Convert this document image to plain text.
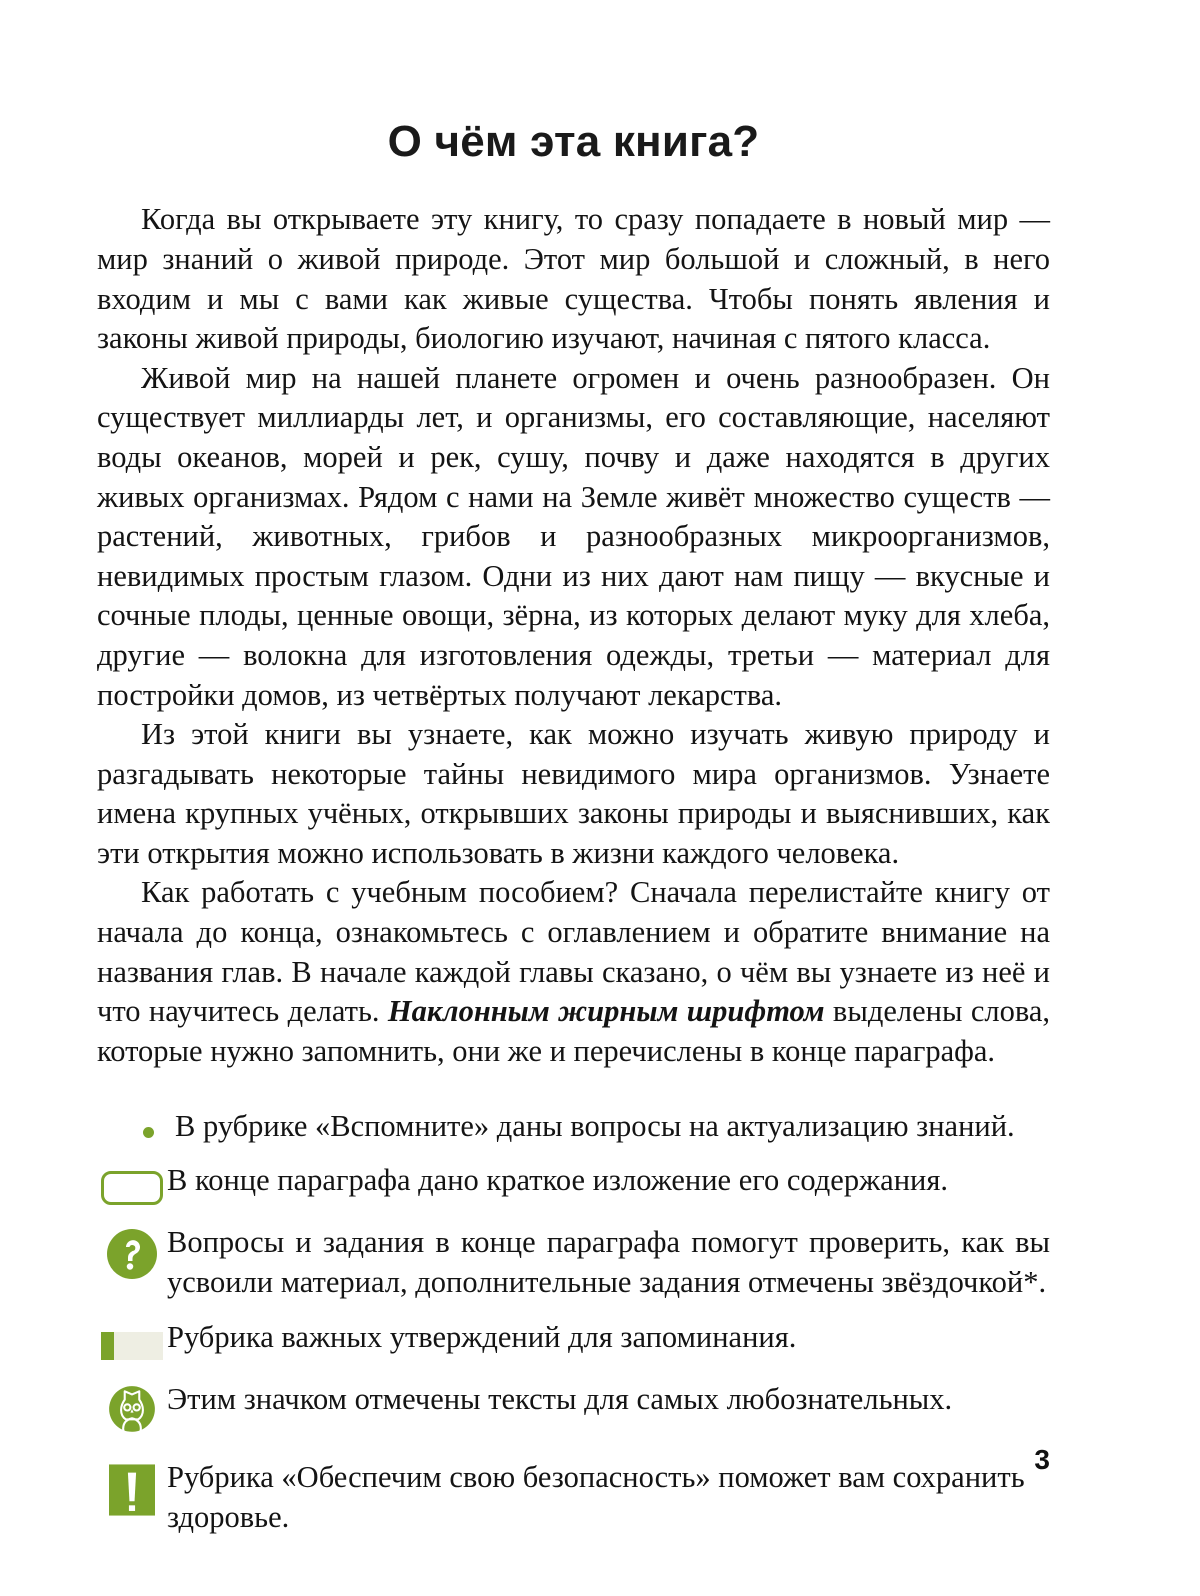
О чём эта книга?

Когда вы открываете эту книгу, то сразу попадаете в новый мир — мир знаний о живой природе. Этот мир большой и сложный, в него входим и мы с вами как живые существа. Чтобы понять явления и законы живой природы, биологию изучают, начиная с пятого класса.

Живой мир на нашей планете огромен и очень разнообразен. Он существует миллиарды лет, и организмы, его составляющие, населяют воды океанов, морей и рек, сушу, почву и даже находятся в других живых организмах. Рядом с нами на Земле живёт множество существ — растений, животных, грибов и разнообразных микроорганизмов, невидимых простым глазом. Одни из них дают нам пищу — вкусные и сочные плоды, ценные овощи, зёрна, из которых делают муку для хлеба, другие — волокна для изготовления одежды, третьи — материал для постройки домов, из четвёртых получают лекарства.

Из этой книги вы узнаете, как можно изучать живую природу и разгадывать некоторые тайны невидимого мира организмов. Узнаете имена крупных учёных, открывших законы природы и выяснивших, как эти открытия можно использовать в жизни каждого человека.

Как работать с учебным пособием? Сначала перелистайте книгу от начала до конца, ознакомьтесь с оглавлением и обратите внимание на названия глав. В начале каждой главы сказано, о чём вы узнаете из неё и что научитесь делать. Наклонным жирным шрифтом выделены слова, которые нужно запомнить, они же и перечислены в конце параграфа.

В рубрике «Вспомните» даны вопросы на актуализацию знаний.
В конце параграфа дано краткое изложение его содержания.
Вопросы и задания в конце параграфа помогут проверить, как вы усвоили материал, дополнительные задания отмечены звёздочкой*.
Рубрика важных утверждений для запоминания.
Этим значком отмечены тексты для самых любознательных.
Рубрика «Обеспечим свою безопасность» поможет вам сохранить здоровье.
3
